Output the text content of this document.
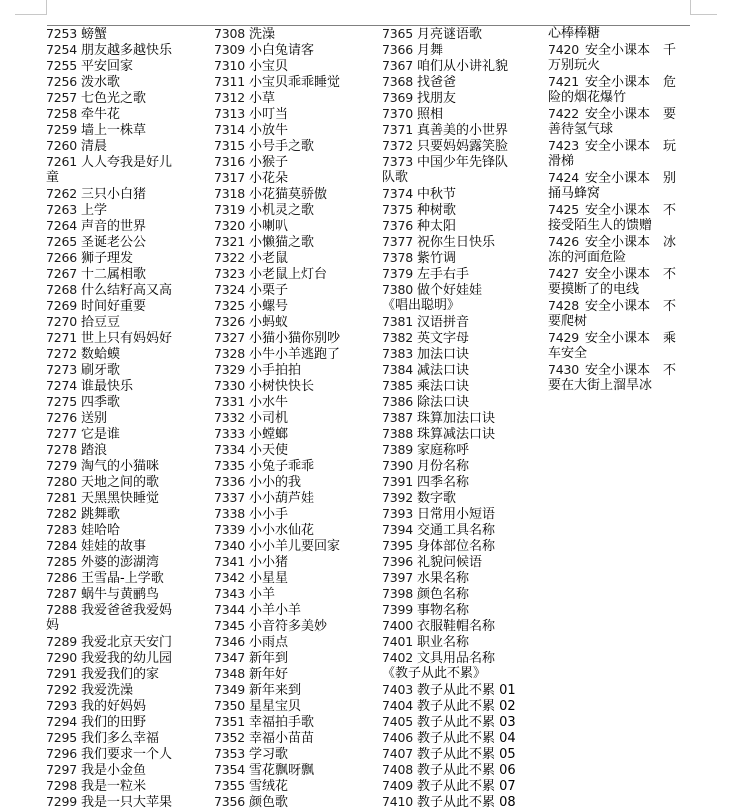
7253 螃蟹
7254 朋友越多越快乐
7255 平安回家
7256 泼水歌
7257 七色光之歌
7258 牵牛花
7259 墙上一株草
7260 清晨
7261 人人夸我是好儿
童
7262 三只小白猪
7263 上学
7264 声音的世界
7265 圣诞老公公
7266 狮子理发
7267 十二属相歌
7268 什么结籽高又高
7269 时间好重要
7270 拾豆豆
7271 世上只有妈妈好
7272 数蛤蟆
7273 刷牙歌
7274 谁最快乐
7275 四季歌
7276 送别
7277 它是谁
7278 踏浪
7279 淘气的小猫咪
7280 天地之间的歌
7281 天黑黑快睡觉
7282 跳舞歌
7283 娃哈哈
7284 娃娃的故事
7285 外婆的澎湖湾
7286 王雪晶-上学歌
7287 蜗牛与黄鹂鸟
7288 我爱爸爸我爱妈
妈
7289 我爱北京天安门
7290 我爱我的幼儿园
7291 我爱我们的家
7292 我爱洗澡
7293 我的好妈妈
7294 我们的田野
7295 我们多么幸福
7296 我们要求一个人
7297 我是小金鱼
7298 我是一粒米
7299 我是一只大苹果
7308 洗澡
7309 小白兔请客
7310 小宝贝
7311 小宝贝乖乖睡觉
7312 小草
7313 小叮当
7314 小放牛
7315 小号手之歌
7316 小猴子
7317 小花朵
7318 小花猫莫骄傲
7319 小机灵之歌
7320 小喇叭
7321 小懒猫之歌
7322 小老鼠
7323 小老鼠上灯台
7324 小栗子
7325 小螺号
7326 小蚂蚁
7327 小猫小猫你别吵
7328 小牛小羊逃跑了
7329 小手拍拍
7330 小树快快长
7331 小水牛
7332 小司机
7333 小螳螂
7334 小天使
7335 小兔子乖乖
7336 小小的我
7337 小小葫芦娃
7338 小小手
7339 小小水仙花
7340 小小羊儿要回家
7341 小小猪
7342 小星星
7343 小羊
7344 小羊小羊
7345 小音符多美妙
7346 小雨点
7347 新年到
7348 新年好
7349 新年来到
7350 星星宝贝
7351 幸福拍手歌
7352 幸福小苗苗
7353 学习歌
7354 雪花飘呀飘
7355 雪绒花
7356 颜色歌
7365 月亮谜语歌
7366 月舞
7367 咱们从小讲礼貌
7368 找爸爸
7369 找朋友
7370 照相
7371 真善美的小世界
7372 只要妈妈露笑脸
7373 中国少年先锋队
队歌
7374 中秋节
7375 种树歌
7376 种太阳
7377 祝你生日快乐
7378 紫竹调
7379 左手右手
7380 做个好娃娃
《唱出聪明》
7381 汉语拼音
7382 英文字母
7383 加法口诀
7384 减法口诀
7385 乘法口诀
7386 除法口诀
7387 珠算加法口诀
7388 珠算减法口诀
7389 家庭称呼
7390 月份名称
7391 四季名称
7392 数字歌
7393 日常用小短语
7394 交通工具名称
7395 身体部位名称
7396 礼貌问候语
7397 水果名称
7398 颜色名称
7399 事物名称
7400 衣服鞋帽名称
7401 职业名称
7402 文具用品名称
《教子从此不累》
7403 教子从此不累 01
7404 教子从此不累 02
7405 教子从此不累 03
7406 教子从此不累 04
7407 教子从此不累 05
7408 教子从此不累 06
7409 教子从此不累 07
7410 教子从此不累 08
心棒棒糖
7420 安全小课本　千
万别玩火
7421 安全小课本　危
险的烟花爆竹
7422 安全小课本　要
善待氢气球
7423 安全小课本　玩
滑梯
7424 安全小课本　别
捅马蜂窝
7425 安全小课本　不
接受陌生人的馈赠
7426 安全小课本　冰
冻的河面危险
7427 安全小课本　不
要摸断了的电线
7428 安全小课本　不
要爬树
7429 安全小课本　乘
车安全
7430 安全小课本　不
要在大街上溜旱冰
